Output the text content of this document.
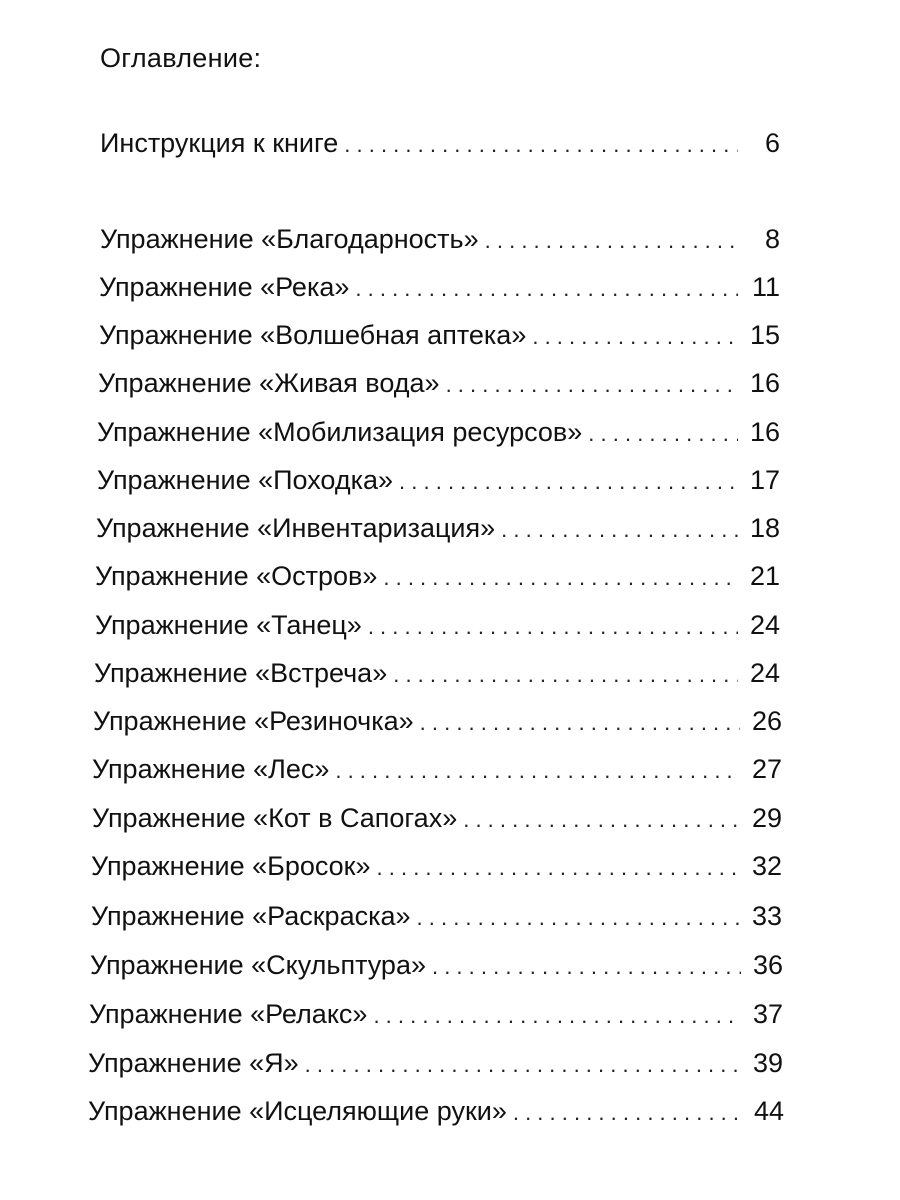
Оглавление:
Инструкция к книге . . .	6
Упражнение «Благодарность» . . .	8
Упражнение «Река» . . .	11
Упражнение «Волшебная аптека» . . .	15
Упражнение «Живая вода» . . .	16
Упражнение «Мобилизация ресурсов» . . .	16
Упражнение «Походка» . . .	17
Упражнение «Инвентаризация» . . .	18
Упражнение «Остров» . . .	21
Упражнение «Танец» . . .	24
Упражнение «Встреча» . . .	24
Упражнение «Резиночка» . . .	26
Упражнение «Лес» . . .	27
Упражнение «Кот в Сапогах» . . .	29
Упражнение «Бросок» . . .	32
Упражнение «Раскраска» . . .	33
Упражнение «Скульптура» . . .	36
Упражнение «Релакс» . . .	37
Упражнение «Я» . . .	39
Упражнение «Исцеляющие руки» . . .	44
